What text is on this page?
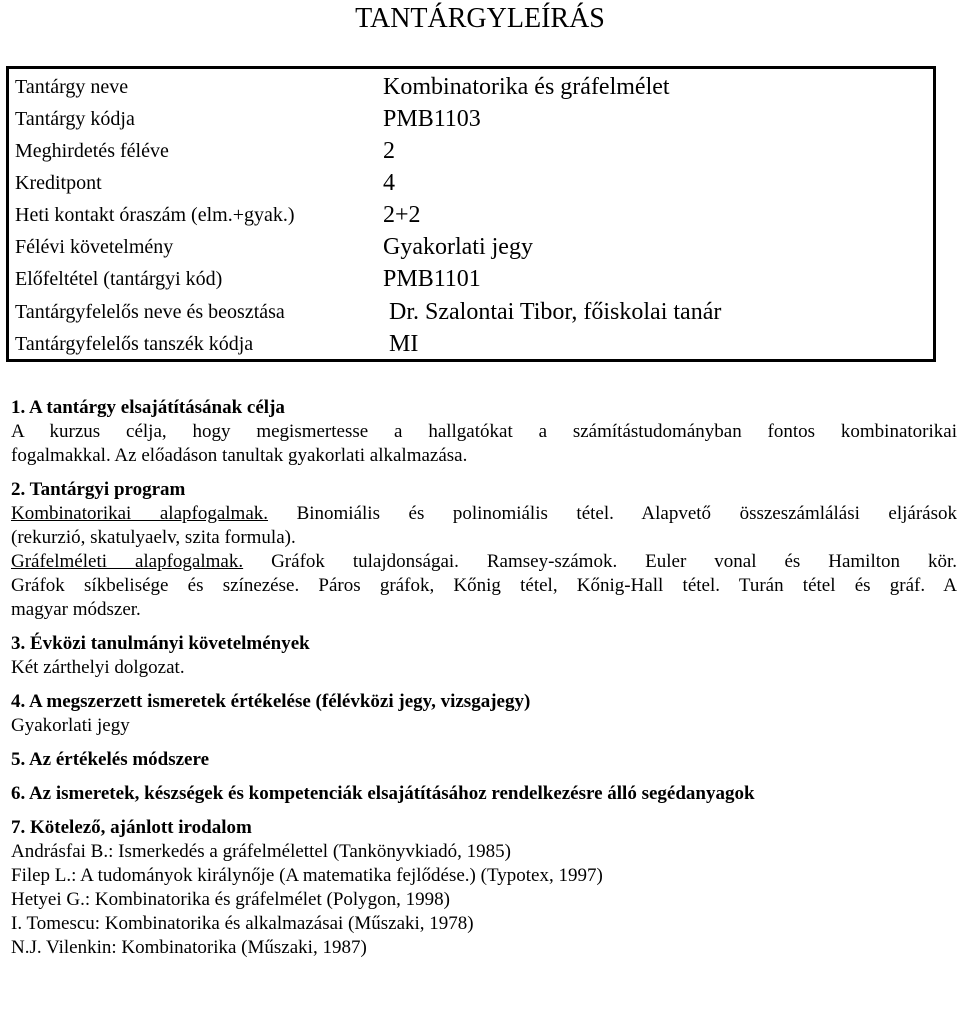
TANTÁRGYLEÍRÁS
Tantárgy neve	Kombinatorika és gráfelmélet
Tantárgy kódja	PMB1103
Meghirdetés féléve	2
Kreditpont	4
Heti kontakt óraszám (elm.+gyak.)	2+2
Félévi követelmény	Gyakorlati jegy
Előfeltétel (tantárgyi kód)	PMB1101
Tantárgyfelelős neve és beosztása	Dr. Szalontai Tibor, főiskolai tanár
Tantárgyfelelős tanszék kódja	MI

1. A tantárgy elsajátításának célja

A kurzus célja, hogy megismertesse a hallgatókat a számítástudományban fontos kombinatorikai

fogalmakkal. Az előadáson tanultak gyakorlati alkalmazása.

2. Tantárgyi program

Kombinatorikai alapfogalmak. Binomiális és polinomiális tétel. Alapvető összeszámlálási eljárások

(rekurzió, skatulyaelv, szita formula).

Gráfelméleti alapfogalmak. Gráfok tulajdonságai. Ramsey-számok. Euler vonal és Hamilton kör.

Gráfok síkbelisége és színezése. Páros gráfok, Kőnig tétel, Kőnig-Hall tétel. Turán tétel és gráf. A

magyar módszer.

3. Évközi tanulmányi követelmények

Két zárthelyi dolgozat.

4. A megszerzett ismeretek értékelése (félévközi jegy, vizsgajegy)

Gyakorlati jegy

5. Az értékelés módszere

6. Az ismeretek, készségek és kompetenciák elsajátításához rendelkezésre álló segédanyagok

7. Kötelező, ajánlott irodalom

Andrásfai B.: Ismerkedés a gráfelmélettel (Tankönyvkiadó, 1985)

Filep L.: A tudományok királynője (A matematika fejlődése.) (Typotex, 1997)

Hetyei G.: Kombinatorika és gráfelmélet (Polygon, 1998)

I. Tomescu: Kombinatorika és alkalmazásai (Műszaki, 1978)

N.J. Vilenkin: Kombinatorika (Műszaki, 1987)
